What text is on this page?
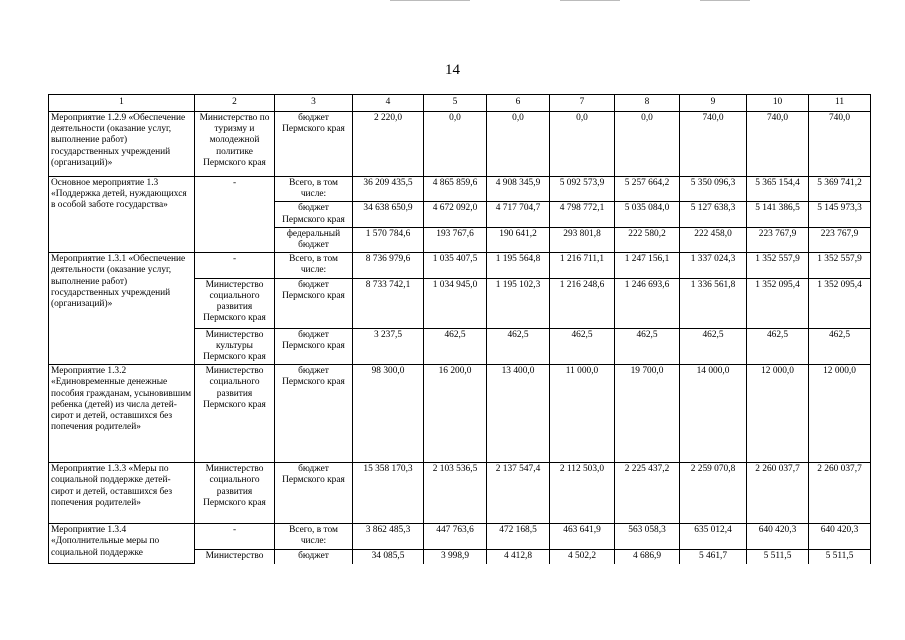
14
1	2	3	4	5	6	7	8	9	10	11
Мероприятие 1.2.9 «Обеспечение деятельности (оказание услуг, выполнение работ) государственных учреждений (организаций)»	Министерство по туризму и молодежной политике Пермского края	бюджет Пермского края	2 220,0	0,0	0,0	0,0	0,0	740,0	740,0	740,0
Основное мероприятие 1.3 «Поддержка детей, нуждающихся в особой заботе государства»	-	Всего, в том числе:	36 209 435,5	4 865 859,6	4 908 345,9	5 092 573,9	5 257 664,2	5 350 096,3	5 365 154,4	5 369 741,2
		бюджет Пермского края	34 638 650,9	4 672 092,0	4 717 704,7	4 798 772,1	5 035 084,0	5 127 638,3	5 141 386,5	5 145 973,3
		федеральный бюджет	1 570 784,6	193 767,6	190 641,2	293 801,8	222 580,2	222 458,0	223 767,9	223 767,9
Мероприятие 1.3.1 «Обеспечение деятельности (оказание услуг, выполнение работ) государственных учреждений (организаций)»	-	Всего, в том числе:	8 736 979,6	1 035 407,5	1 195 564,8	1 216 711,1	1 247 156,1	1 337 024,3	1 352 557,9	1 352 557,9
	Министерство социального развития Пермского края	бюджет Пермского края	8 733 742,1	1 034 945,0	1 195 102,3	1 216 248,6	1 246 693,6	1 336 561,8	1 352 095,4	1 352 095,4
	Министерство культуры Пермского края	бюджет Пермского края	3 237,5	462,5	462,5	462,5	462,5	462,5	462,5	462,5
Мероприятие 1.3.2 «Единовременные денежные пособия гражданам, усыновившим ребенка (детей) из числа детей-сирот и детей, оставшихся без попечения родителей»	Министерство социального развития Пермского края	бюджет Пермского края	98 300,0	16 200,0	13 400,0	11 000,0	19 700,0	14 000,0	12 000,0	12 000,0
Мероприятие 1.3.3 «Меры по социальной поддержке детей-сирот и детей, оставшихся без попечения родителей»	Министерство социального развития Пермского края	бюджет Пермского края	15 358 170,3	2 103 536,5	2 137 547,4	2 112 503,0	2 225 437,2	2 259 070,8	2 260 037,7	2 260 037,7
Мероприятие 1.3.4 «Дополнительные меры по социальной поддержке	-	Всего, в том числе:	3 862 485,3	447 763,6	472 168,5	463 641,9	563 058,3	635 012,4	640 420,3	640 420,3
	Министерство	бюджет	34 085,5	3 998,9	4 412,8	4 502,2	4 686,9	5 461,7	5 511,5	5 511,5
